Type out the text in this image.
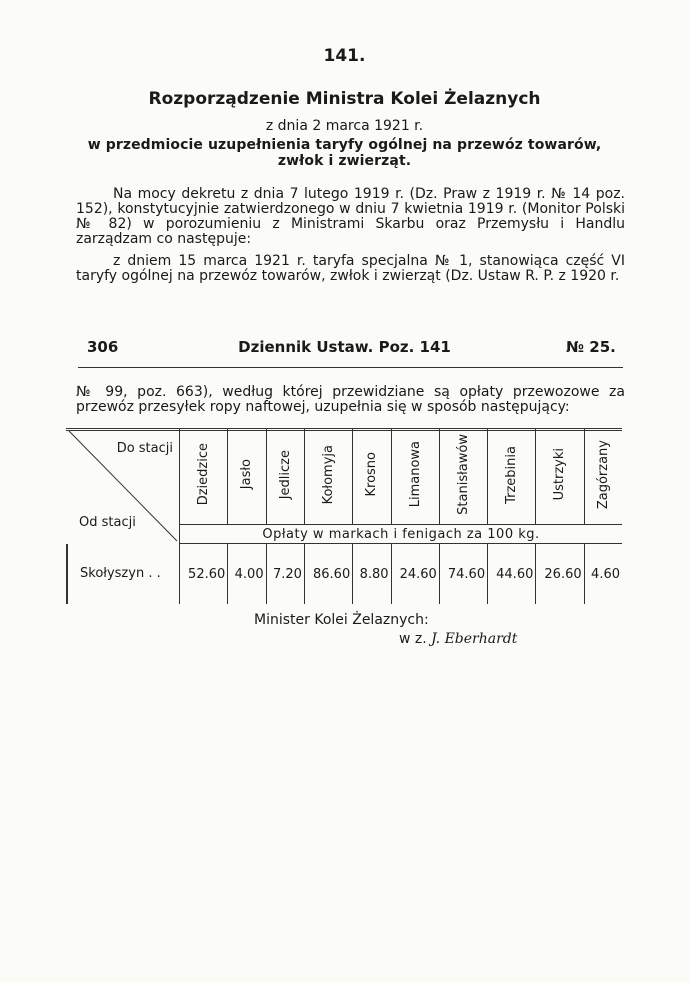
141.
Rozporządzenie Ministra Kolei Żelaznych
z dnia 2 marca 1921 r.
w przedmiocie uzupełnienia taryfy ogólnej na przewóz towarów,
zwłok i zwierząt.
Na mocy dekretu z dnia 7 lutego 1919 r. (Dz. Praw z 1919 r. № 14 poz. 152), konstytucyjnie zatwierdzonego w dniu 7 kwietnia 1919 r. (Monitor Polski № 82) w porozumieniu z Ministrami Skarbu oraz Przemysłu i Handlu zarządzam co następuje:
z dniem 15 marca 1921 r. taryfa specjalna № 1, stanowiąca część VI taryfy ogólnej na przewóz towarów, zwłok i zwierząt (Dz. Ustaw R. P. z 1920 r.
306	Dziennik Ustaw. Poz. 141	№ 25.
№ 99, poz. 663), według której przewidziane są opłaty przewozowe za przewóz przesyłek ropy naftowej, uzupełnia się w sposób następujący:
Do stacji
Od stacji	Dziedzice	Jasło	Jedlicze	Kołomyja	Krosno	Limanowa	Stanisławów	Trzebinia	Ustrzyki	Zagórzany
	Opłaty w markach i fenigach za 100 kg.									
Skołyszyn . .	52.60	4.00	7.20	86.60	8.80	24.60	74.60	44.60	26.60	4.60
Minister Kolei Żelaznych:
w z. J. Eberhardt
